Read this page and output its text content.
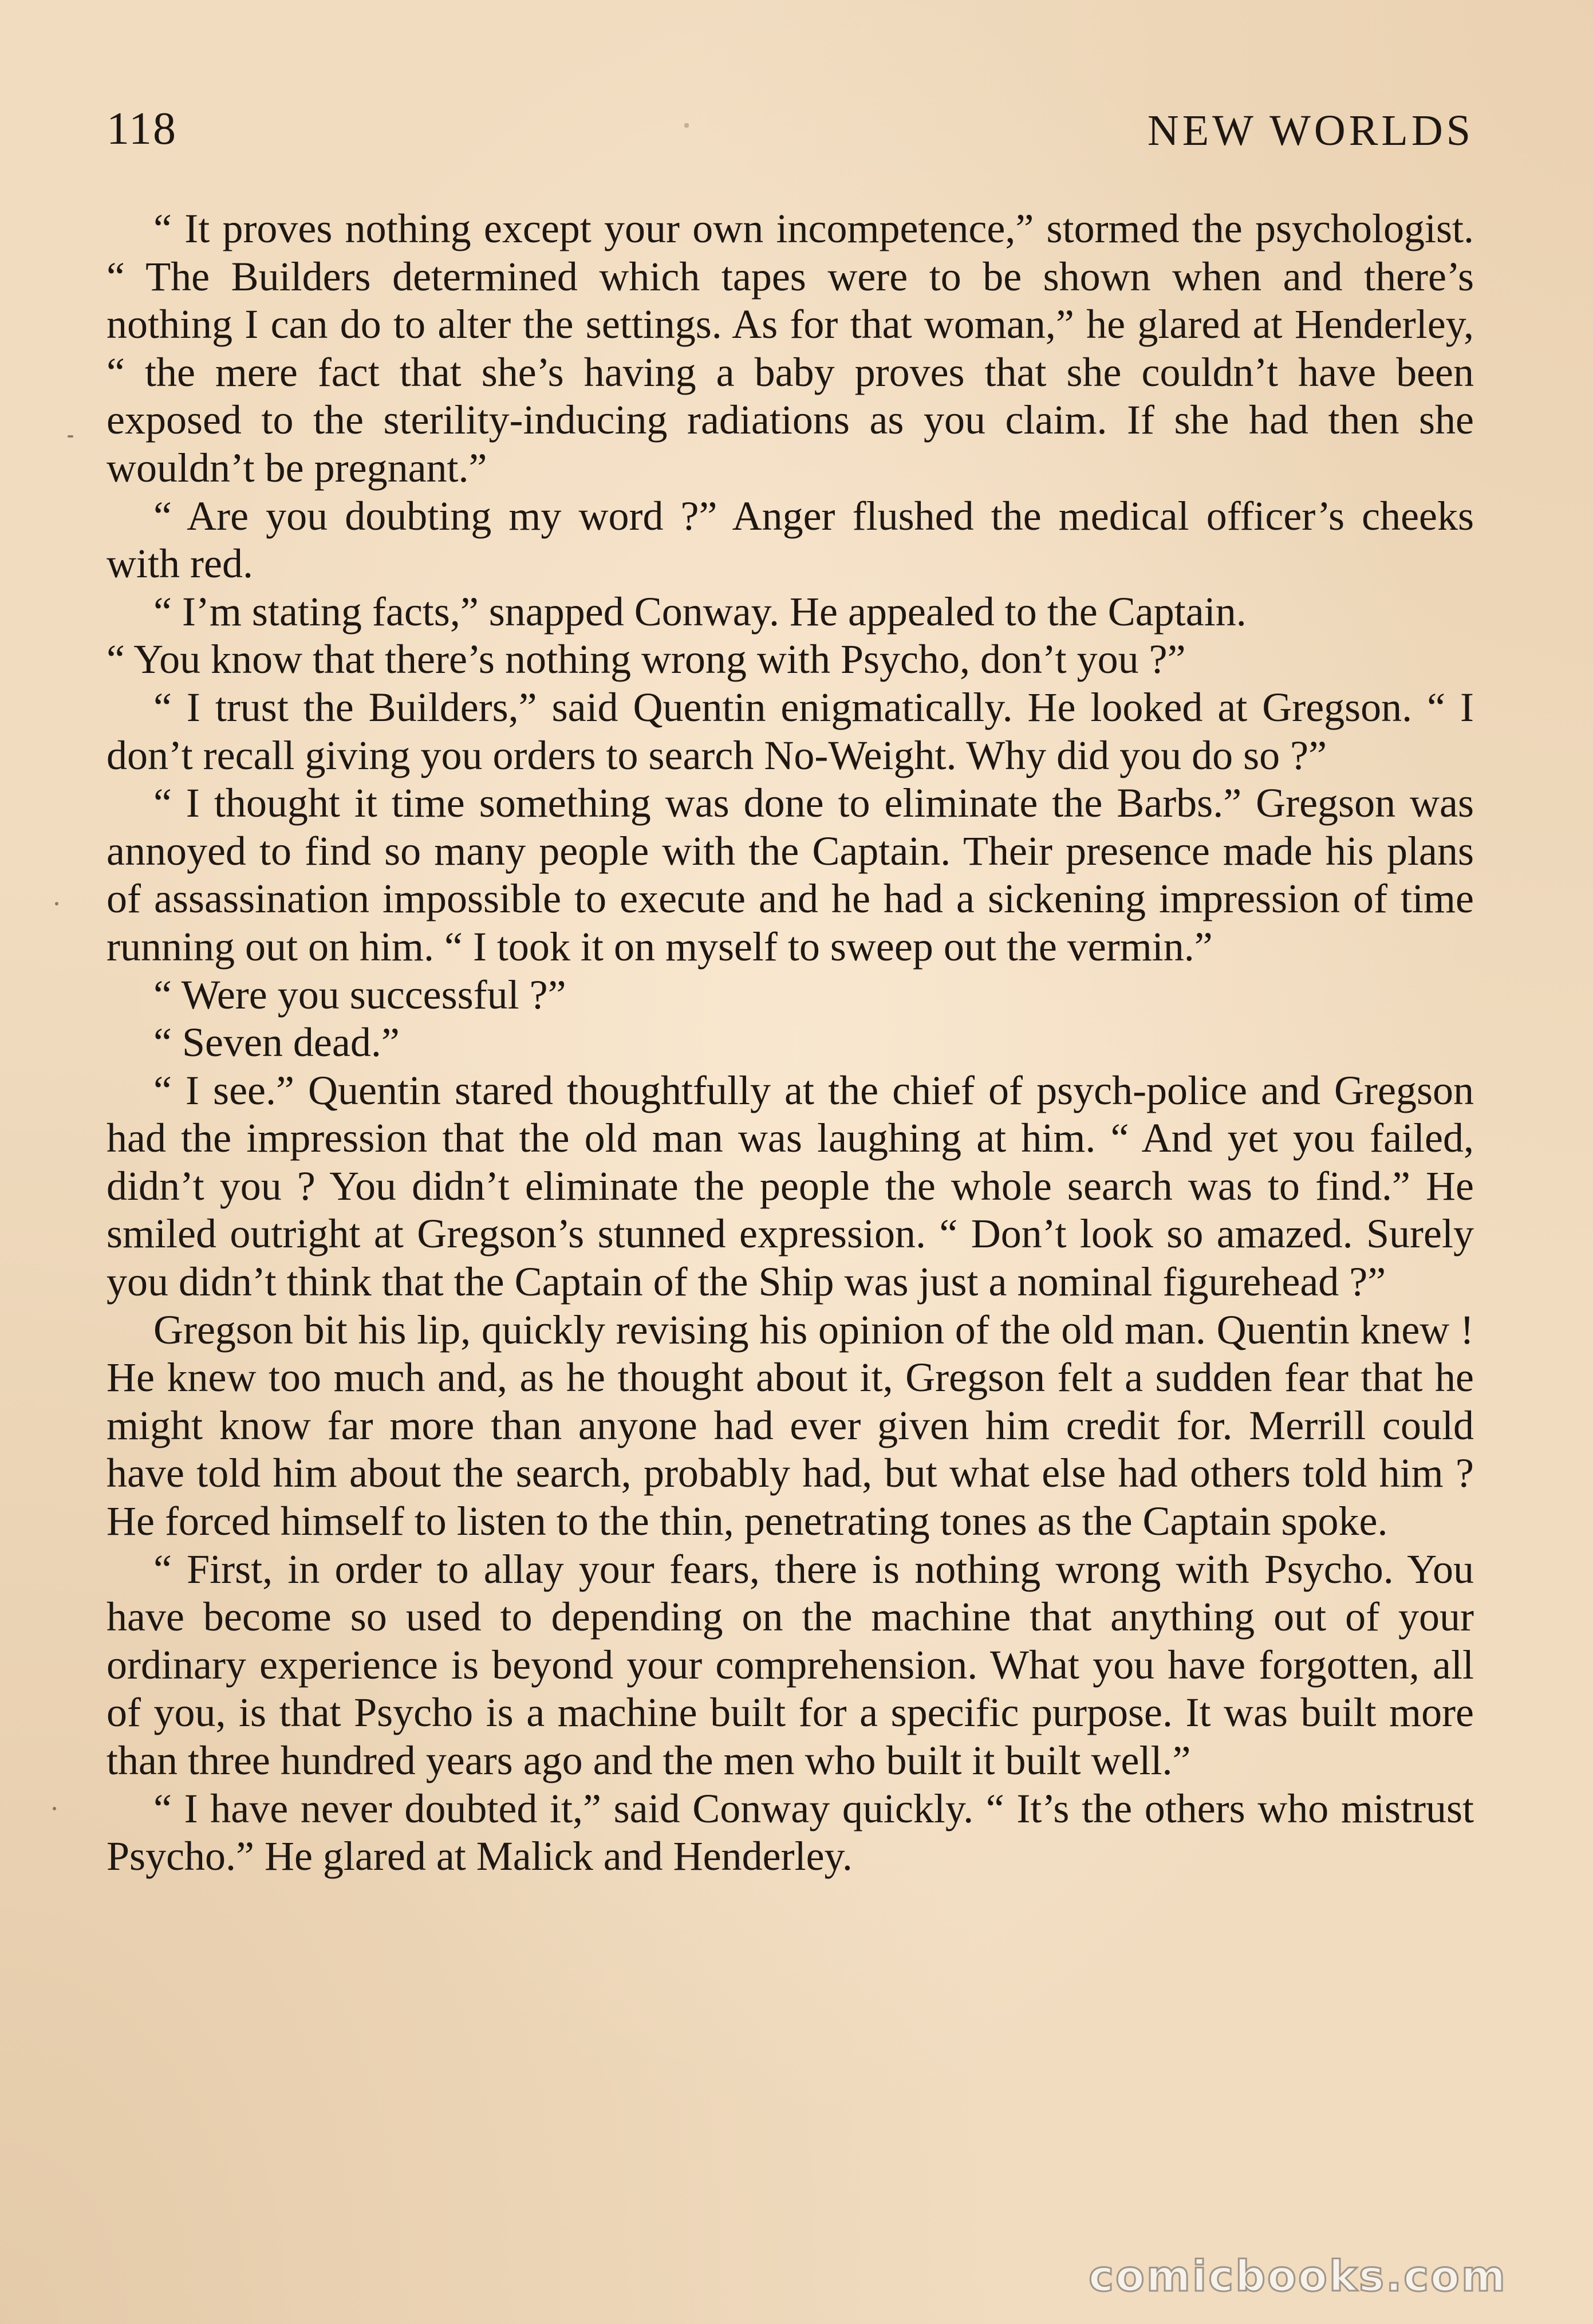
118	NEW WORLDS

“ It proves nothing except your own incompetence,” stormed the psychologist. “ The Builders determined which tapes were to be shown when and there’s nothing I can do to alter the settings. As for that woman,” he glared at Henderley, “ the mere fact that she’s having a baby proves that she couldn’t have been exposed to the sterility-inducing radiations as you claim. If she had then she wouldn’t be pregnant.”

“ Are you doubting my word ?” Anger flushed the medical officer’s cheeks with red.

“ I’m stating facts,” snapped Conway. He appealed to the Captain.

“ You know that there’s nothing wrong with Psycho, don’t you ?”

“ I trust the Builders,” said Quentin enigmatically. He looked at Gregson. “ I don’t recall giving you orders to search No-Weight. Why did you do so ?”

“ I thought it time something was done to eliminate the Barbs.” Gregson was annoyed to find so many people with the Captain. Their presence made his plans of assassination impossible to execute and he had a sickening impression of time running out on him. “ I took it on myself to sweep out the vermin.”

“ Were you successful ?”

“ Seven dead.”

“ I see.” Quentin stared thoughtfully at the chief of psych-police and Gregson had the impression that the old man was laughing at him. “ And yet you failed, didn’t you ? You didn’t eliminate the people the whole search was to find.” He smiled outright at Gregson’s stunned expression. “ Don’t look so amazed. Surely you didn’t think that the Captain of the Ship was just a nominal figurehead ?”

Gregson bit his lip, quickly revising his opinion of the old man. Quentin knew ! He knew too much and, as he thought about it, Gregson felt a sudden fear that he might know far more than anyone had ever given him credit for. Merrill could have told him about the search, probably had, but what else had others told him ? He forced himself to listen to the thin, penetrating tones as the Captain spoke.

“ First, in order to allay your fears, there is nothing wrong with Psycho. You have become so used to depending on the machine that anything out of your ordinary experience is beyond your comprehension. What you have forgotten, all of you, is that Psycho is a machine built for a specific purpose. It was built more than three hundred years ago and the men who built it built well.”

“ I have never doubted it,” said Conway quickly. “ It’s the others who mistrust Psycho.” He glared at Malick and Henderley.

comicbooks.com
